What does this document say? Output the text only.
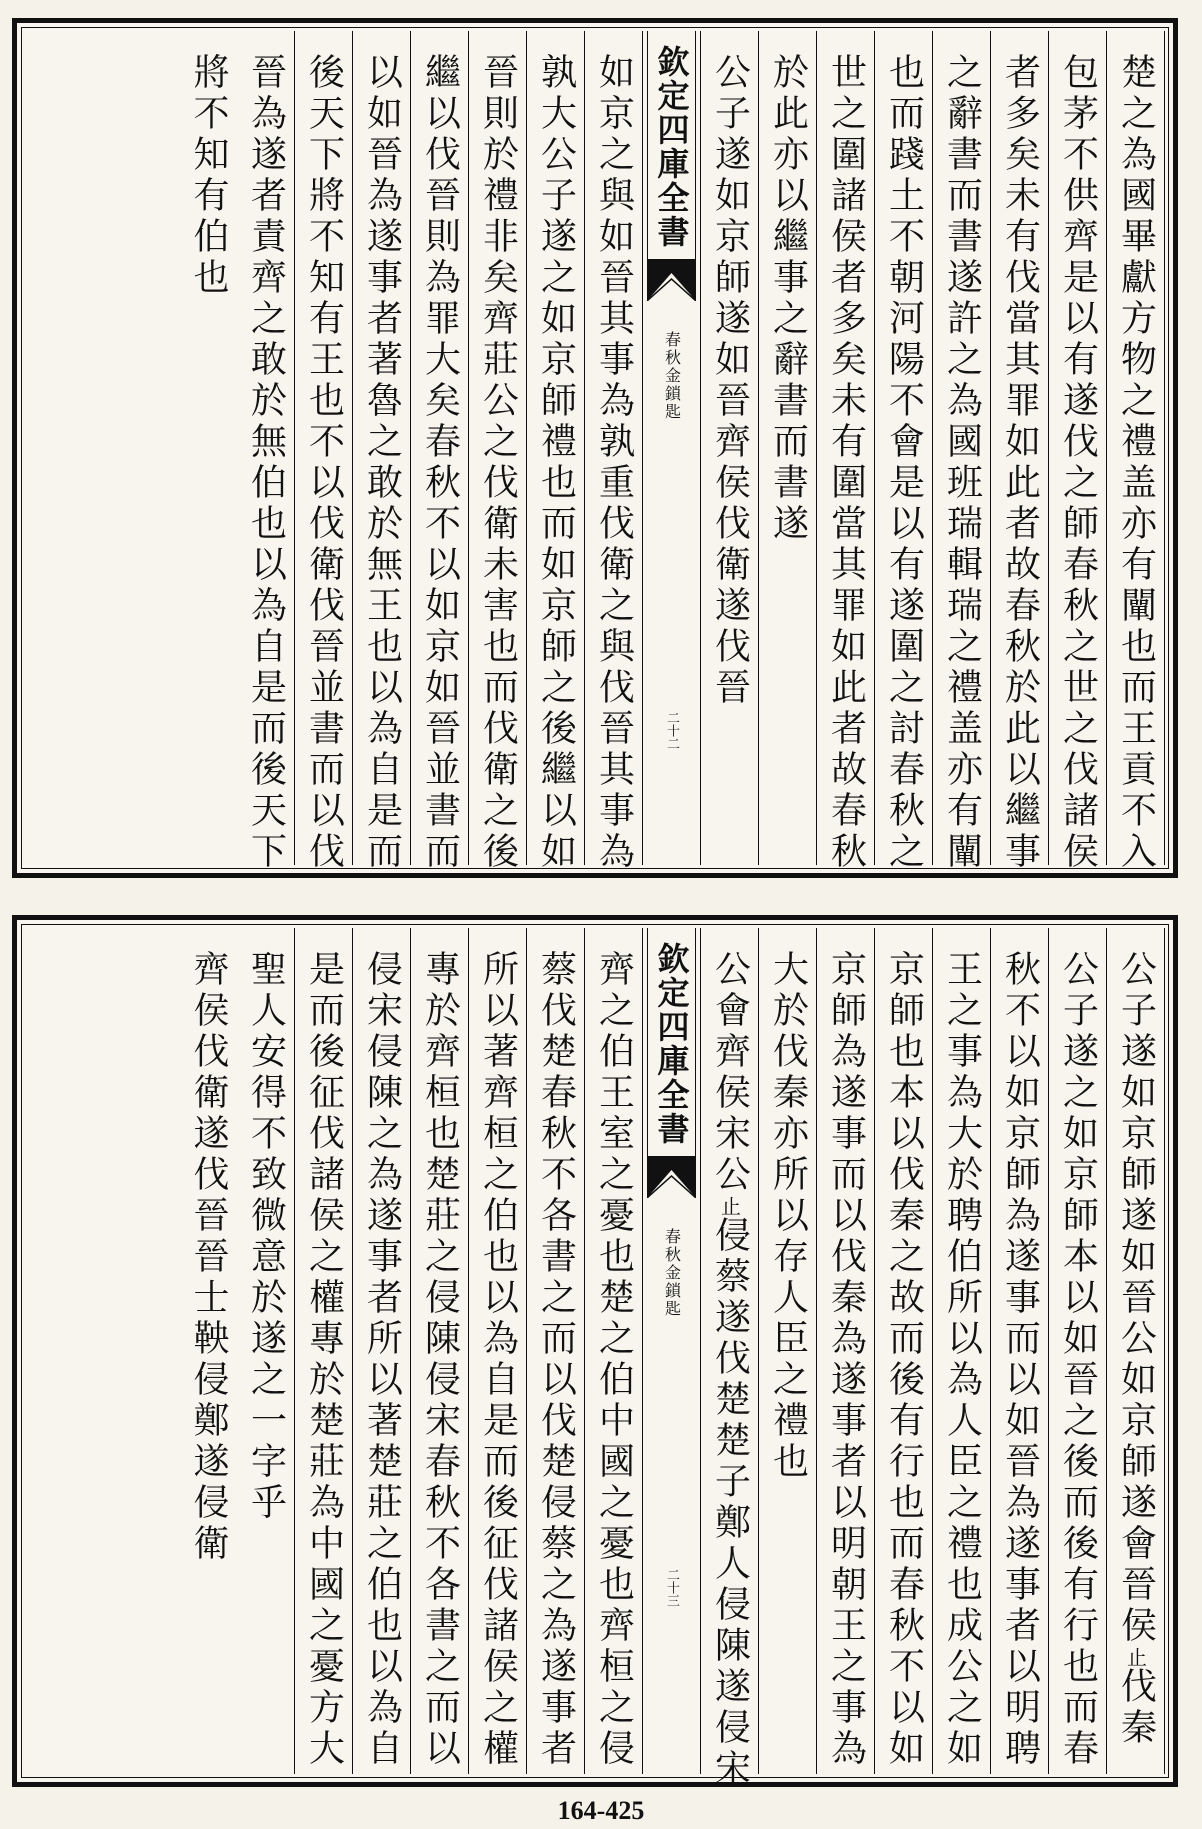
楚之為國畢獻方物之禮盖亦有闡也而王貢不入
包茅不供齊是以有遂伐之師春秋之世之伐諸侯
者多矣未有伐當其罪如此者故春秋於此以繼事
之辭書而書遂許之為國班瑞輯瑞之禮盖亦有闡
也而踐土不朝河陽不會是以有遂圍之討春秋之
世之圍諸侯者多矣未有圍當其罪如此者故春秋
於此亦以繼事之辭書而書遂
公子遂如京師遂如晉齊侯伐衛遂伐晉
欽定四庫全書
春秋金鎖匙
二十二
如京之與如晉其事為孰重伐衛之與伐晉其事為
孰大公子遂之如京師禮也而如京師之後繼以如
晉則於禮非矣齊莊公之伐衛未害也而伐衛之後
繼以伐晉則為罪大矣春秋不以如京如晉並書而
以如晉為遂事者著魯之敢於無王也以為自是而
後天下將不知有王也不以伐衛伐晉並書而以伐
晉為遂者責齊之敢於無伯也以為自是而後天下
將不知有伯也
公子遂如京師遂如晉公如京師遂會晉侯止伐秦
公子遂之如京師本以如晉之後而後有行也而春
秋不以如京師為遂事而以如晉為遂事者以明聘
王之事為大於聘伯所以為人臣之禮也成公之如
京師也本以伐秦之故而後有行也而春秋不以如
京師為遂事而以伐秦為遂事者以明朝王之事為
大於伐秦亦所以存人臣之禮也
公會齊侯宋公止侵蔡遂伐楚楚子鄭人侵陳遂侵宋
欽定四庫全書
春秋金鎖匙
二十三
齊之伯王室之憂也楚之伯中國之憂也齊桓之侵
蔡伐楚春秋不各書之而以伐楚侵蔡之為遂事者
所以著齊桓之伯也以為自是而後征伐諸侯之權
專於齊桓也楚莊之侵陳侵宋春秋不各書之而以
侵宋侵陳之為遂事者所以著楚莊之伯也以為自
是而後征伐諸侯之權專於楚莊為中國之憂方大
聖人安得不致微意於遂之一字乎
齊侯伐衛遂伐晉晉士鞅侵鄭遂侵衛
164-425
